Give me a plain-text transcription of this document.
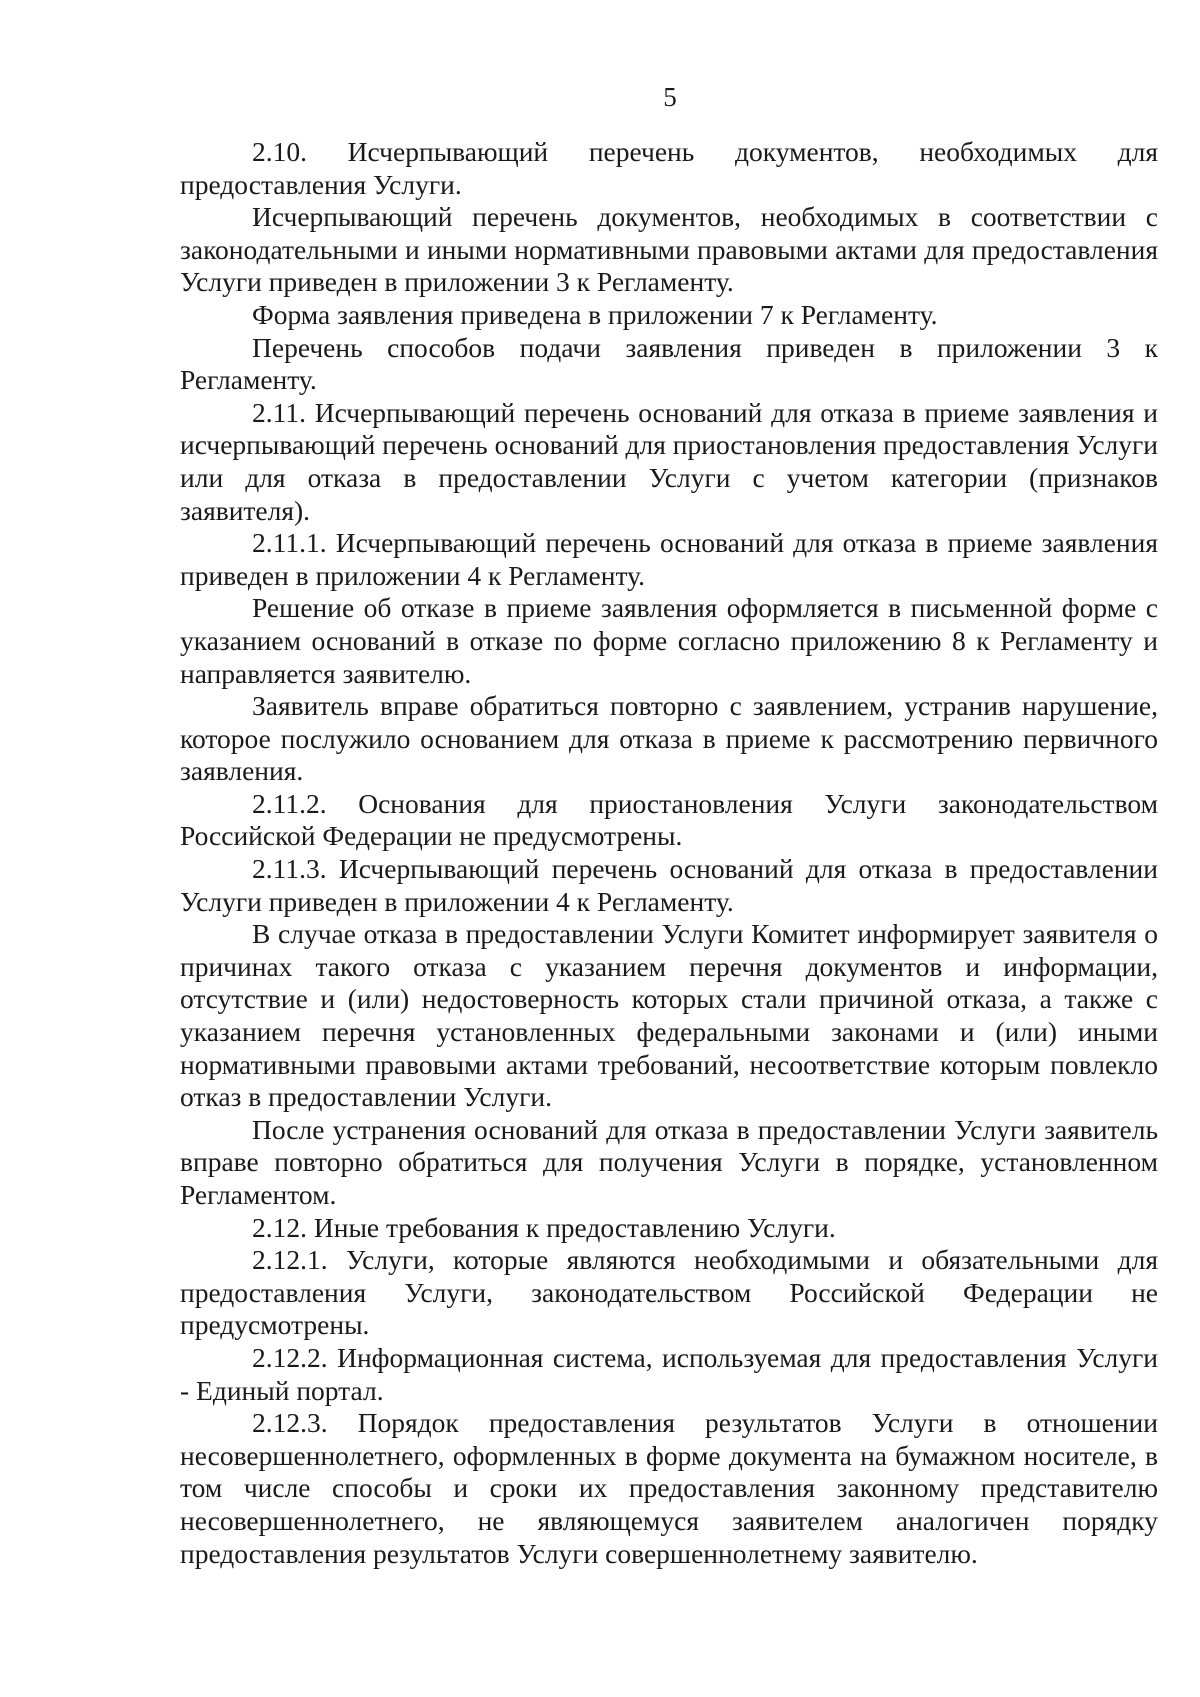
5

2.10. Исчерпывающий перечень документов, необходимых для предоставления Услуги.

Исчерпывающий перечень документов, необходимых в соответствии с законодательными и иными нормативными правовыми актами для предоставления Услуги приведен в приложении 3 к Регламенту.

Форма заявления приведена в приложении 7 к Регламенту.

Перечень способов подачи заявления приведен в приложении 3 к Регламенту.

2.11. Исчерпывающий перечень оснований для отказа в приеме заявления и исчерпывающий перечень оснований для приостановления предоставления Услуги или для отказа в предоставлении Услуги с учетом категории (признаков заявителя).

2.11.1. Исчерпывающий перечень оснований для отказа в приеме заявления приведен в приложении 4 к Регламенту.

Решение об отказе в приеме заявления оформляется в письменной форме с указанием оснований в отказе по форме согласно приложению 8 к Регламенту и направляется заявителю.

Заявитель вправе обратиться повторно с заявлением, устранив нарушение, которое послужило основанием для отказа в приеме к рассмотрению первичного заявления.

2.11.2. Основания для приостановления Услуги законодательством Российской Федерации не предусмотрены.

2.11.3. Исчерпывающий перечень оснований для отказа в предоставлении Услуги приведен в приложении 4 к Регламенту.

В случае отказа в предоставлении Услуги Комитет информирует заявителя о причинах такого отказа с указанием перечня документов и информации, отсутствие и (или) недостоверность которых стали причиной отказа, а также с указанием перечня установленных федеральными законами и (или) иными нормативными правовыми актами требований, несоответствие которым повлекло отказ в предоставлении Услуги.

После устранения оснований для отказа в предоставлении Услуги заявитель вправе повторно обратиться для получения Услуги в порядке, установленном Регламентом.

2.12. Иные требования к предоставлению Услуги.

2.12.1. Услуги, которые являются необходимыми и обязательными для предоставления Услуги, законодательством Российской Федерации не предусмотрены.

2.12.2. Информационная система, используемая для предоставления Услуги - Единый портал.

2.12.3. Порядок предоставления результатов Услуги в отношении несовершеннолетнего, оформленных в форме документа на бумажном носителе, в том числе способы и сроки их предоставления законному представителю несовершеннолетнего, не являющемуся заявителем аналогичен порядку предоставления результатов Услуги совершеннолетнему заявителю.
